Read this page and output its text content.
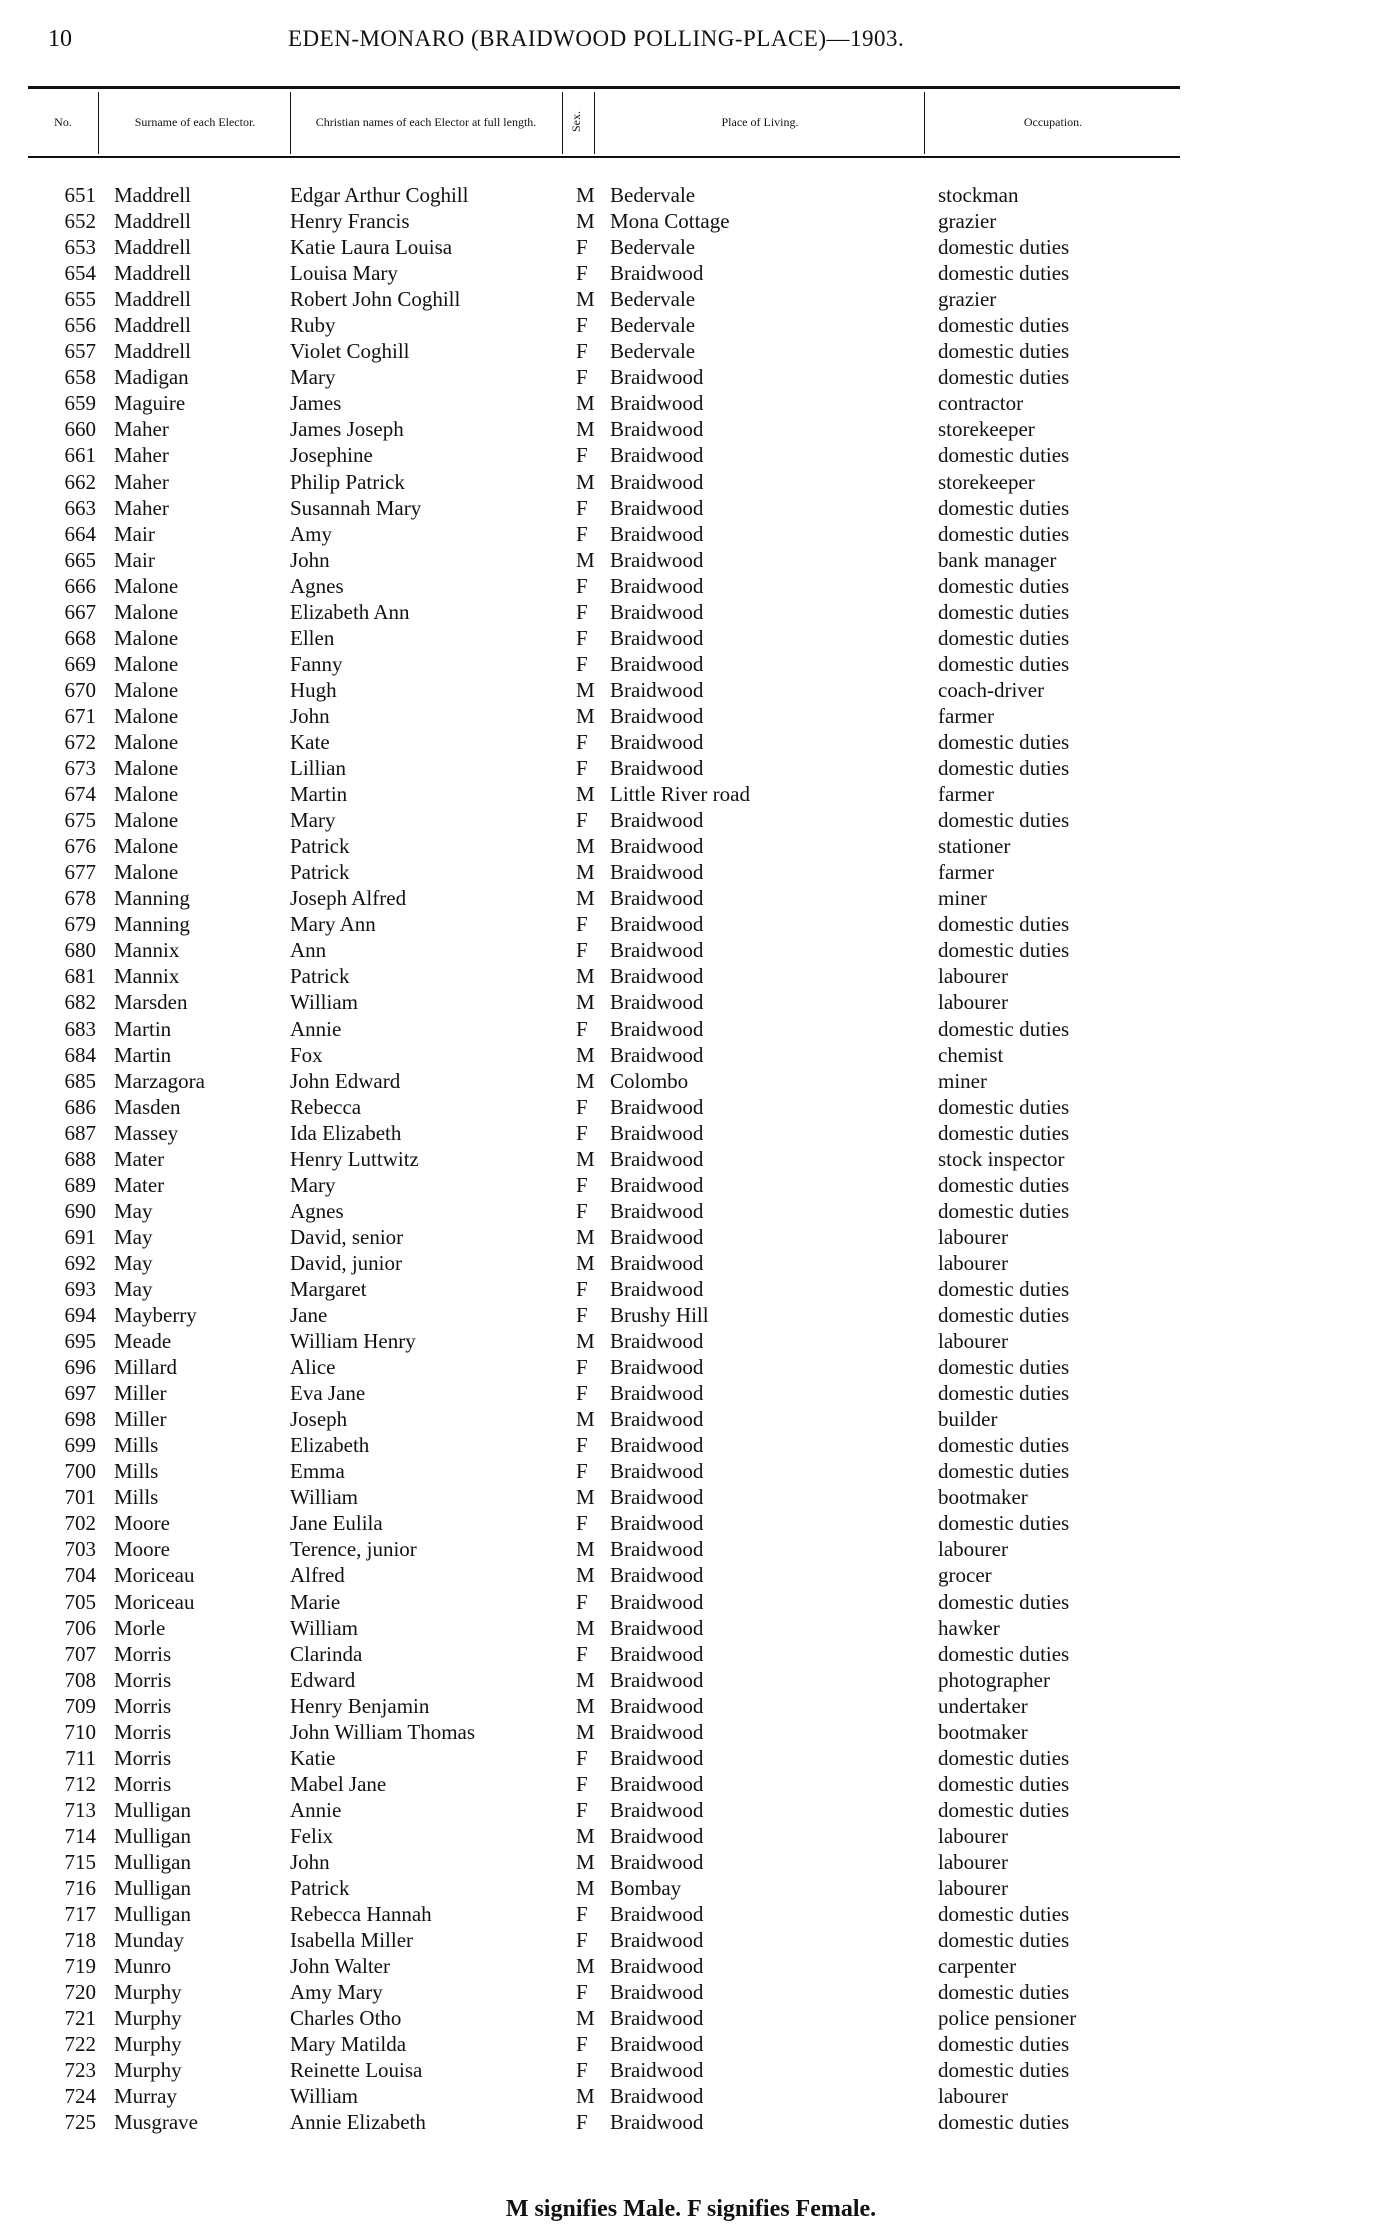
10	EDEN-MONARO (BRAIDWOOD POLLING-PLACE)—1903.
No.	Surname of each Elector.	Christian names of each Elector at full length.	Sex.	Place of Living.	Occupation.
651 Maddrell	Edgar Arthur Coghill	M Bedervale	stockman
652 Maddrell	Henry Francis	M Mona Cottage	grazier
653 Maddrell	Katie Laura Louisa	F Bedervale	domestic duties
654 Maddrell	Louisa Mary	F Braidwood	domestic duties
655 Maddrell	Robert John Coghill	M Bedervale	grazier
656 Maddrell	Ruby	F Bedervale	domestic duties
657 Maddrell	Violet Coghill	F Bedervale	domestic duties
658 Madigan	Mary	F Braidwood	domestic duties
659 Maguire	James	M Braidwood	contractor
660 Maher	James Joseph	M Braidwood	storekeeper
661 Maher	Josephine	F Braidwood	domestic duties
662 Maher	Philip Patrick	M Braidwood	storekeeper
663 Maher	Susannah Mary	F Braidwood	domestic duties
664 Mair	Amy	F Braidwood	domestic duties
665 Mair	John	M Braidwood	bank manager
666 Malone	Agnes	F Braidwood	domestic duties
667 Malone	Elizabeth Ann	F Braidwood	domestic duties
668 Malone	Ellen	F Braidwood	domestic duties
669 Malone	Fanny	F Braidwood	domestic duties
670 Malone	Hugh	M Braidwood	coach-driver
671 Malone	John	M Braidwood	farmer
672 Malone	Kate	F Braidwood	domestic duties
673 Malone	Lillian	F Braidwood	domestic duties
674 Malone	Martin	M Little River road	farmer
675 Malone	Mary	F Braidwood	domestic duties
676 Malone	Patrick	M Braidwood	stationer
677 Malone	Patrick	M Braidwood	farmer
678 Manning	Joseph Alfred	M Braidwood	miner
679 Manning	Mary Ann	F Braidwood	domestic duties
680 Mannix	Ann	F Braidwood	domestic duties
681 Mannix	Patrick	M Braidwood	labourer
682 Marsden	William	M Braidwood	labourer
683 Martin	Annie	F Braidwood	domestic duties
684 Martin	Fox	M Braidwood	chemist
685 Marzagora	John Edward	M Colombo	miner
686 Masden	Rebecca	F Braidwood	domestic duties
687 Massey	Ida Elizabeth	F Braidwood	domestic duties
688 Mater	Henry Luttwitz	M Braidwood	stock inspector
689 Mater	Mary	F Braidwood	domestic duties
690 May	Agnes	F Braidwood	domestic duties
691 May	David, senior	M Braidwood	labourer
692 May	David, junior	M Braidwood	labourer
693 May	Margaret	F Braidwood	domestic duties
694 Mayberry	Jane	F Brushy Hill	domestic duties
695 Meade	William Henry	M Braidwood	labourer
696 Millard	Alice	F Braidwood	domestic duties
697 Miller	Eva Jane	F Braidwood	domestic duties
698 Miller	Joseph	M Braidwood	builder
699 Mills	Elizabeth	F Braidwood	domestic duties
700 Mills	Emma	F Braidwood	domestic duties
701 Mills	William	M Braidwood	bootmaker
702 Moore	Jane Eulila	F Braidwood	domestic duties
703 Moore	Terence, junior	M Braidwood	labourer
704 Moriceau	Alfred	M Braidwood	grocer
705 Moriceau	Marie	F Braidwood	domestic duties
706 Morle	William	M Braidwood	hawker
707 Morris	Clarinda	F Braidwood	domestic duties
708 Morris	Edward	M Braidwood	photographer
709 Morris	Henry Benjamin	M Braidwood	undertaker
710 Morris	John William Thomas	M Braidwood	bootmaker
711 Morris	Katie	F Braidwood	domestic duties
712 Morris	Mabel Jane	F Braidwood	domestic duties
713 Mulligan	Annie	F Braidwood	domestic duties
714 Mulligan	Felix	M Braidwood	labourer
715 Mulligan	John	M Braidwood	labourer
716 Mulligan	Patrick	M Bombay	labourer
717 Mulligan	Rebecca Hannah	F Braidwood	domestic duties
718 Munday	Isabella Miller	F Braidwood	domestic duties
719 Munro	John Walter	M Braidwood	carpenter
720 Murphy	Amy Mary	F Braidwood	domestic duties
721 Murphy	Charles Otho	M Braidwood	police pensioner
722 Murphy	Mary Matilda	F Braidwood	domestic duties
723 Murphy	Reinette Louisa	F Braidwood	domestic duties
724 Murray	William	M Braidwood	labourer
725 Musgrave	Annie Elizabeth	F Braidwood	domestic duties
M signifies Male. F signifies Female.
